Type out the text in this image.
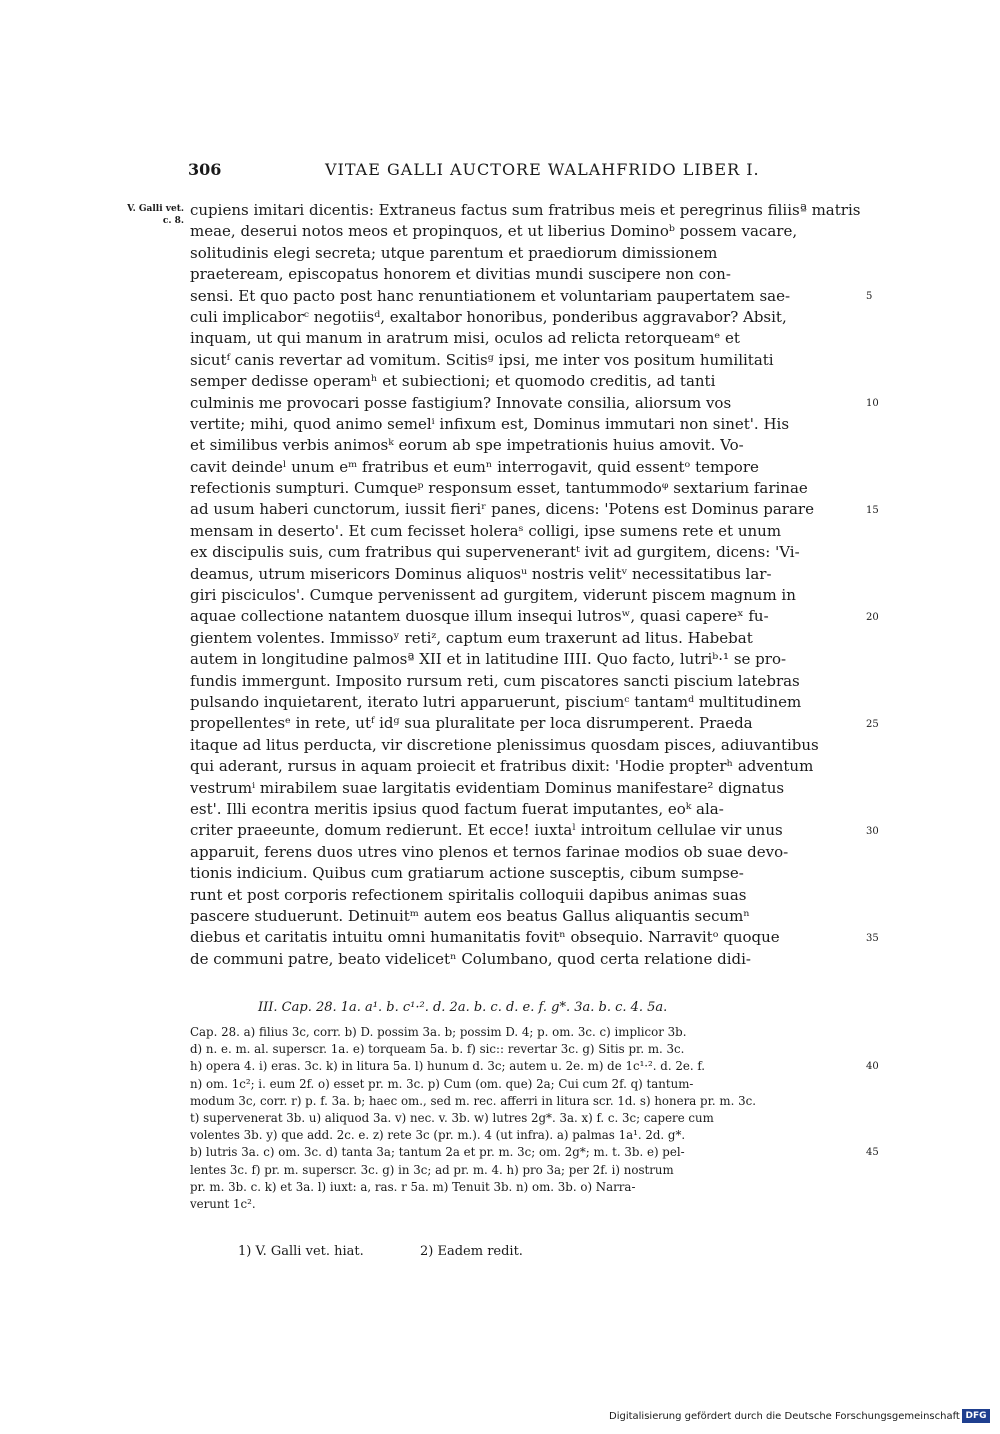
306	VITAE GALLI AUCTORE WALAHFRIDO LIBER I.
V. Galli vet.
c. 8.
cupiens imitari dicentis: Extraneus factus sum fratribus meis et peregrinus filiisª matris
meae, deserui notos meos et propinquos, et ut liberius Dominoᵇ possem vacare,
solitudinis elegi secreta; utque parentum et praediorum dimissionem
praeteream, episcopatus honorem et divitias mundi suscipere non con-
sensi. Et quo pacto post hanc renuntiationem et voluntariam paupertatem sae-
culi implicaborᶜ negotiisᵈ, exaltabor honoribus, ponderibus aggravabor? Absit,
inquam, ut qui manum in aratrum misi, oculos ad relicta retorqueamᵉ et
sicutᶠ canis revertar ad vomitum. Scitisᵍ ipsi, me inter vos positum humilitati
semper dedisse operamʰ et subiectioni; et quomodo creditis, ad tanti
culminis me provocari posse fastigium? Innovate consilia, aliorsum vos
vertite; mihi, quod animo semelⁱ infixum est, Dominus immutari non sinet'. His
et similibus verbis animosᵏ eorum ab spe impetrationis huius amovit. Vo-
cavit deindeˡ unum eᵐ fratribus et eumⁿ interrogavit, quid essentᵒ tempore
refectionis sumpturi. Cumqueᵖ responsum esset, tantummodoᵠ sextarium farinae
ad usum haberi cunctorum, iussit fieriʳ panes, dicens: 'Potens est Dominus parare
mensam in deserto'. Et cum fecisset holeraˢ colligi, ipse sumens rete et unum
ex discipulis suis, cum fratribus qui supervenerantᵗ ivit ad gurgitem, dicens: 'Vi-
deamus, utrum misericors Dominus aliquosᵘ nostris velitᵛ necessitatibus lar-
giri pisciculos'. Cumque pervenissent ad gurgitem, viderunt piscem magnum in
aquae collectione natantem duosque illum insequi lutrosʷ, quasi capereˣ fu-
gientem volentes. Immissoʸ retiᶻ, captum eum traxerunt ad litus. Habebat
autem in longitudine palmosª XII et in latitudine IIII. Quo facto, lutriᵇ·¹ se pro-
fundis immergunt. Imposito rursum reti, cum piscatores sancti piscium latebras
pulsando inquietarent, iterato lutri apparuerunt, pisciumᶜ tantamᵈ multitudinem
propellentesᵉ in rete, utᶠ idᵍ sua pluralitate per loca disrumperent. Praeda
itaque ad litus perducta, vir discretione plenissimus quosdam pisces, adiuvantibus
qui aderant, rursus in aquam proiecit et fratribus dixit: 'Hodie propterʰ adventum
vestrumⁱ mirabilem suae largitatis evidentiam Dominus manifestare² dignatus
est'. Illi econtra meritis ipsius quod factum fuerat imputantes, eoᵏ ala-
criter praeeunte, domum redierunt. Et ecce! iuxtaˡ introitum cellulae vir unus
apparuit, ferens duos utres vino plenos et ternos farinae modios ob suae devo-
tionis indicium. Quibus cum gratiarum actione susceptis, cibum sumpse-
runt et post corporis refectionem spiritalis colloquii dapibus animas suas
pascere studuerunt. Detinuitᵐ autem eos beatus Gallus aliquantis secumⁿ
diebus et caritatis intuitu omni humanitatis fovitⁿ obsequio. Narravitᵒ quoque
de communi patre, beato videlicetⁿ Columbano, quod certa relatione didi-
5
10
15
20
25
30
35
III. Cap. 28. 1a. a¹. b. c¹·². d. 2a. b. c. d. e. f. g*. 3a. b. c. 4. 5a.
Cap. 28. a) filius 3c, corr. b) D. possim 3a. b; possim D. 4; p. om. 3c. c) implicor 3b.
d) n. e. m. al. superscr. 1a. e) torqueam 5a. b. f) sic:: revertar 3c. g) Sitis pr. m. 3c.
h) opera 4. i) eras. 3c. k) in litura 5a. l) hunum d. 3c; autem u. 2e. m) de 1c¹·². d. 2e. f.
n) om. 1c²; i. eum 2f. o) esset pr. m. 3c. p) Cum (om. que) 2a; Cui cum 2f. q) tantum-
modum 3c, corr. r) p. f. 3a. b; haec om., sed m. rec. afferri in litura scr. 1d. s) honera pr. m. 3c.
t) supervenerat 3b. u) aliquod 3a. v) nec. v. 3b. w) lutres 2g*. 3a. x) f. c. 3c; capere cum
volentes 3b. y) que add. 2c. e. z) rete 3c (pr. m.). 4 (ut infra). a) palmas 1a¹. 2d. g*.
b) lutris 3a. c) om. 3c. d) tanta 3a; tantum 2a et pr. m. 3c; om. 2g*; m. t. 3b. e) pel-
lentes 3c. f) pr. m. superscr. 3c. g) in 3c; ad pr. m. 4. h) pro 3a; per 2f. i) nostrum
pr. m. 3b. c. k) et 3a. l) iuxt: a, ras. r 5a. m) Tenuit 3b. n) om. 3b. o) Narra-
verunt 1c².
40
45
1) V. Galli vet. hiat.	2) Eadem redit.
Digitalisierung gefördert durch die Deutsche Forschungsgemeinschaft DFG
